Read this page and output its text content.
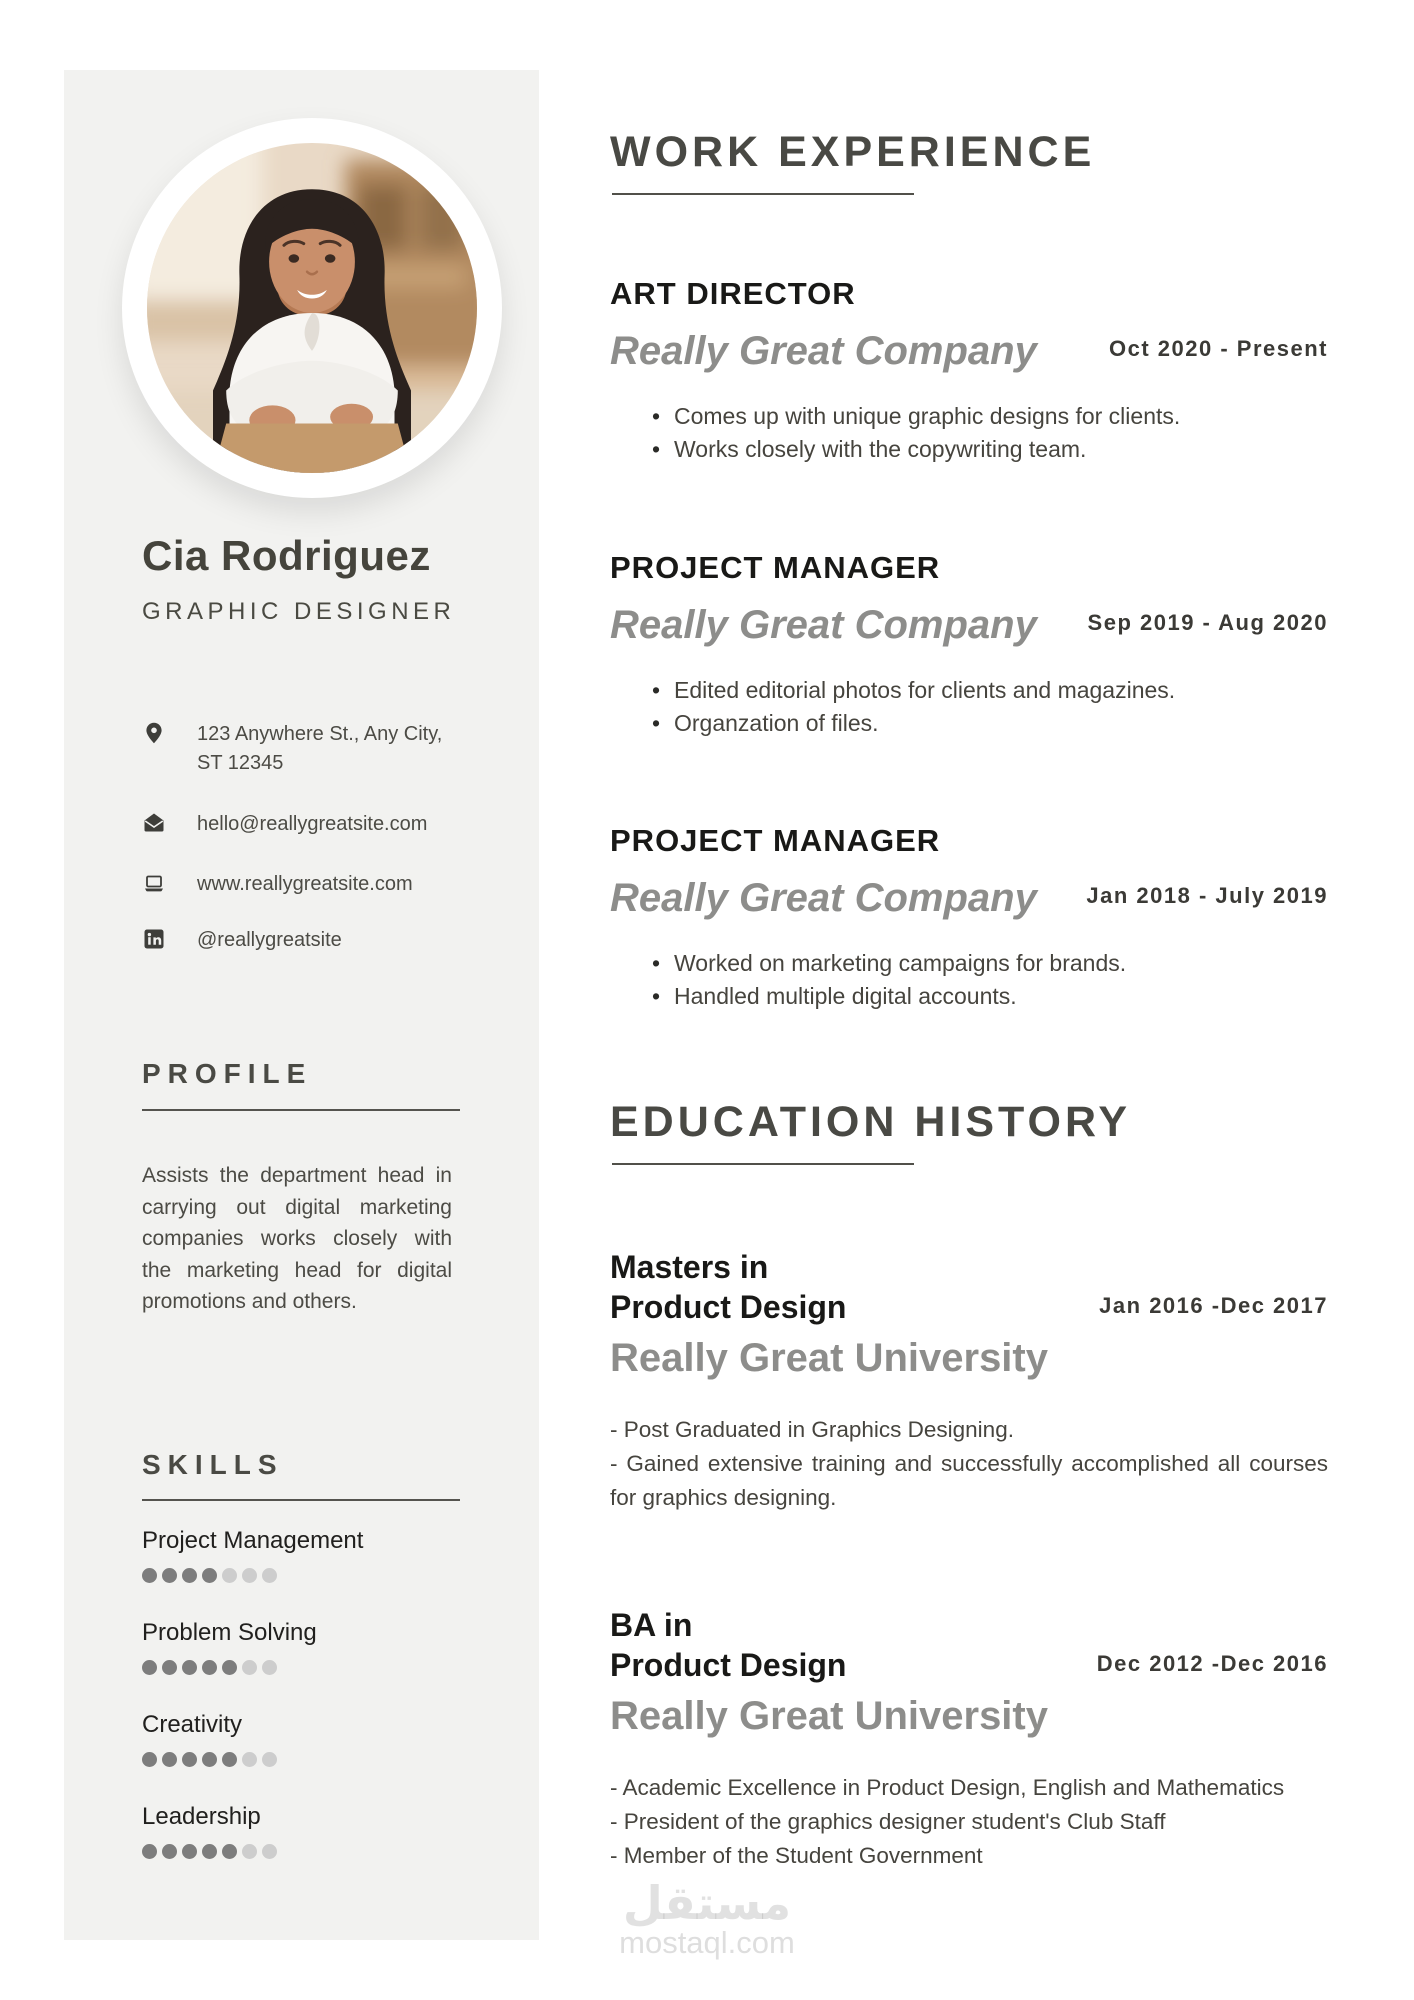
Cia Rodriguez
GRAPHIC DESIGNER
123 Anywhere St., Any City, ST 12345
hello@reallygreatsite.com
www.reallygreatsite.com
@reallygreatsite
PROFILE

Assists the department head in carrying out digital marketing companies works closely with the marketing head for digital promotions and others.

SKILLS
Project Management
Problem Solving
Creativity
Leadership
WORK EXPERIENCE
ART DIRECTOR
Really Great Company	Oct 2020 - Present
• Comes up with unique graphic designs for clients.
• Works closely with the copywriting team.
PROJECT MANAGER
Really Great Company Sep 2019 - Aug 2020
• Edited editorial photos for clients and magazines.
• Organzation of files.
PROJECT MANAGER
Really Great Company Jan 2018 - July 2019
• Worked on marketing campaigns for brands.
• Handled multiple digital accounts.
EDUCATION HISTORY
Masters in
Product Design	Jan 2016 -Dec 2017
Really Great University
- Post Graduated in Graphics Designing.
- Gained extensive training and successfully accomplished all courses for graphics designing.
BA in
Product Design	Dec 2012 -Dec 2016
Really Great University
- Academic Excellence in Product Design, English and Mathematics
- President of the graphics designer student's Club Staff
- Member of the Student Government
مستقل
mostaql.com
